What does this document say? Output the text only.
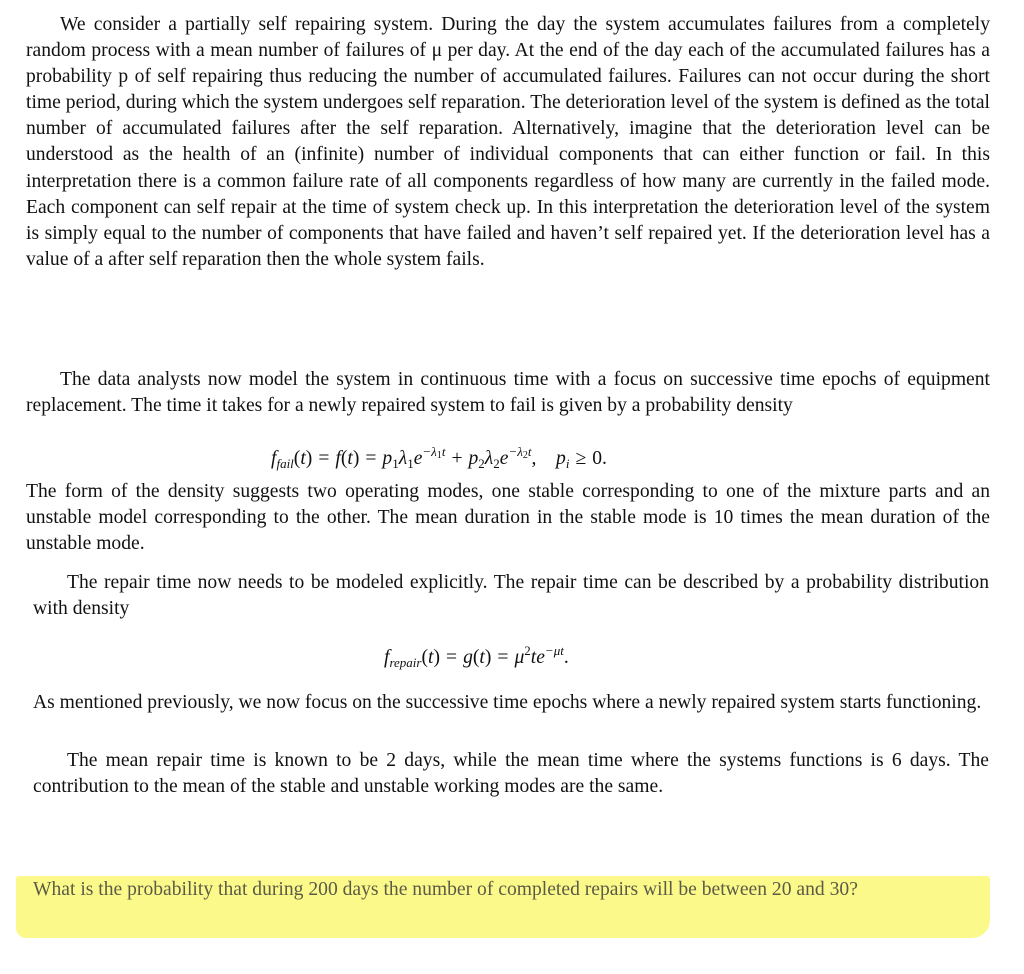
We consider a partially self repairing system. During the day the system accumulates failures from a completely random process with a mean number of failures of μ per day. At the end of the day each of the accumulated failures has a probability p of self repairing thus reducing the number of accumulated failures. Failures can not occur during the short time period, during which the system undergoes self reparation. The deterioration level of the system is defined as the total number of accumulated failures after the self reparation. Alternatively, imagine that the deterioration level can be understood as the health of an (infinite) number of individual components that can either function or fail. In this interpretation there is a common failure rate of all components regardless of how many are currently in the failed mode. Each component can self repair at the time of system check up. In this interpretation the deterioration level of the system is simply equal to the number of components that have failed and haven’t self repaired yet. If the deterioration level has a value of a after self reparation then the whole system fails.

The data analysts now model the system in continuous time with a focus on successive time epochs of equipment replacement. The time it takes for a newly repaired system to fail is given by a probability density

$f_{fail}(t) = f(t) = p_1\lambda_1e^{-\lambda_1t} + p_2\lambda_2e^{-\lambda_2t}$,    $p_i \ge 0$.

The form of the density suggests two operating modes, one stable corresponding to one of the mixture parts and an unstable model corresponding to the other. The mean duration in the stable mode is 10 times the mean duration of the unstable mode.

The repair time now needs to be modeled explicitly. The repair time can be described by a probability distribution with density

$f_{repair}(t) = g(t) = \mu^2te^{-\mu t}$.

As mentioned previously, we now focus on the successive time epochs where a newly repaired system starts functioning.

The mean repair time is known to be 2 days, while the mean time where the systems functions is 6 days. The contribution to the mean of the stable and unstable working modes are the same.

What is the probability that during 200 days the number of completed repairs will be between 20 and 30?
